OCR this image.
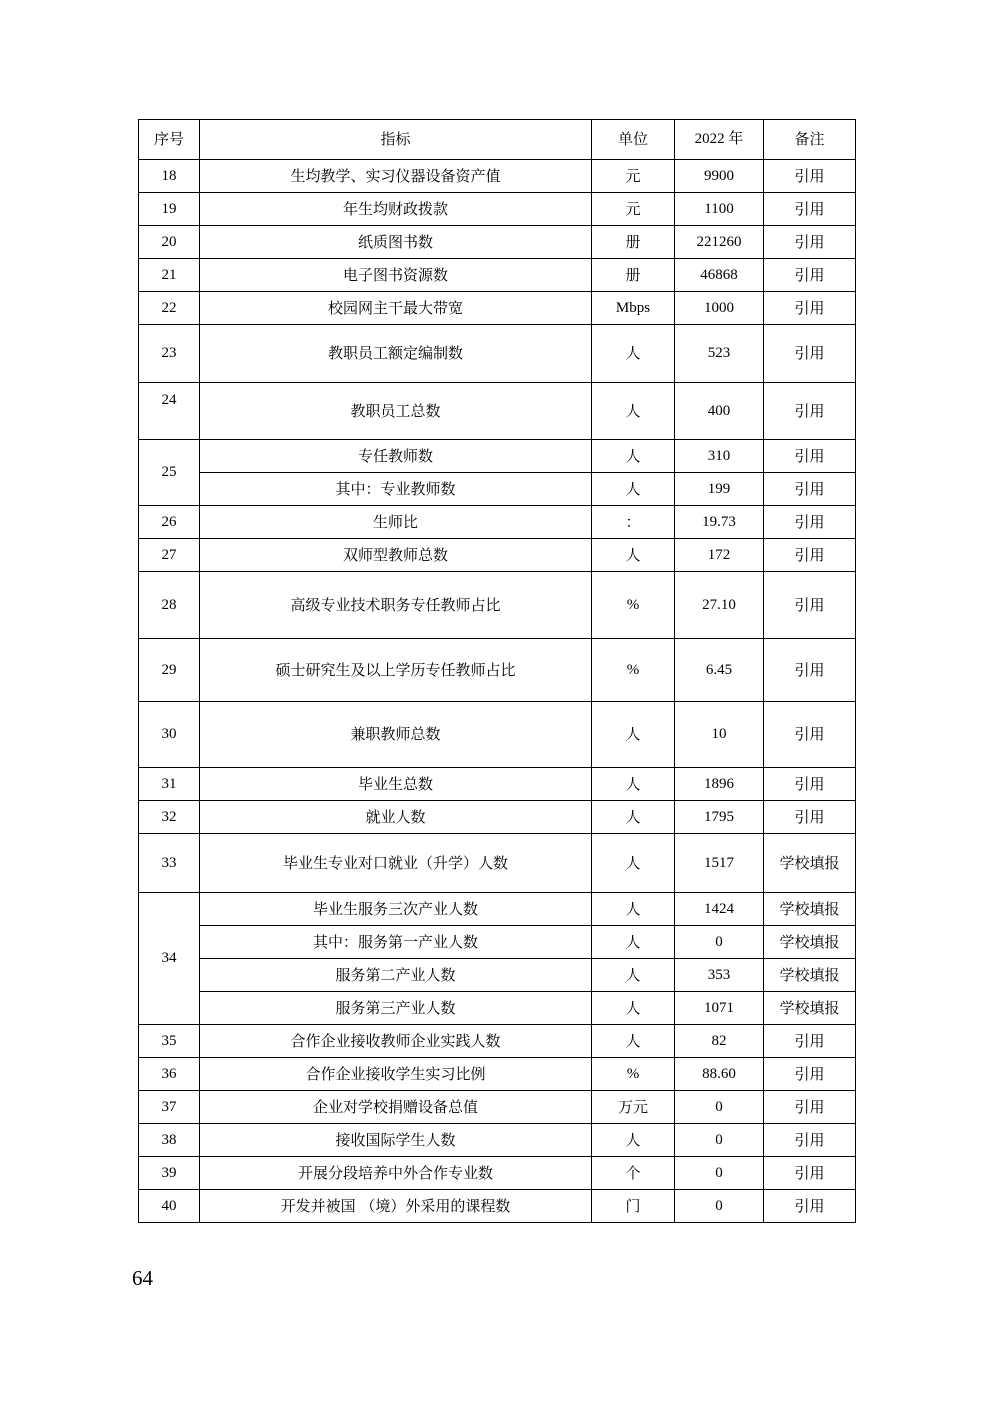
序号	指标	单位	2022 年	备注
18	生均教学、实习仪器设备资产值	元	9900	引用
19	年生均财政拨款	元	1100	引用
20	纸质图书数	册	221260	引用
21	电子图书资源数	册	46868	引用
22	校园网主干最大带宽	Mbps	1000	引用
23	教职员工额定编制数	人	523	引用
24	教职员工总数	人	400	引用
25	专任教师数	人	310	引用
	其中：专业教师数	人	199	引用
26	生师比	：	19.73	引用
27	双师型教师总数	人	172	引用
28	高级专业技术职务专任教师占比	%	27.10	引用
29	硕士研究生及以上学历专任教师占比	%	6.45	引用
30	兼职教师总数	人	10	引用
31	毕业生总数	人	1896	引用
32	就业人数	人	1795	引用
33	毕业生专业对口就业（升学）人数	人	1517	学校填报
34	毕业生服务三次产业人数	人	1424	学校填报
	其中：服务第一产业人数	人	0	学校填报
	服务第二产业人数	人	353	学校填报
	服务第三产业人数	人	1071	学校填报
35	合作企业接收教师企业实践人数	人	82	引用
36	合作企业接收学生实习比例	%	88.60	引用
37	企业对学校捐赠设备总值	万元	0	引用
38	接收国际学生人数	人	0	引用
39	开展分段培养中外合作专业数	个	0	引用
40	开发并被国 （境）外采用的课程数	门	0	引用
64
